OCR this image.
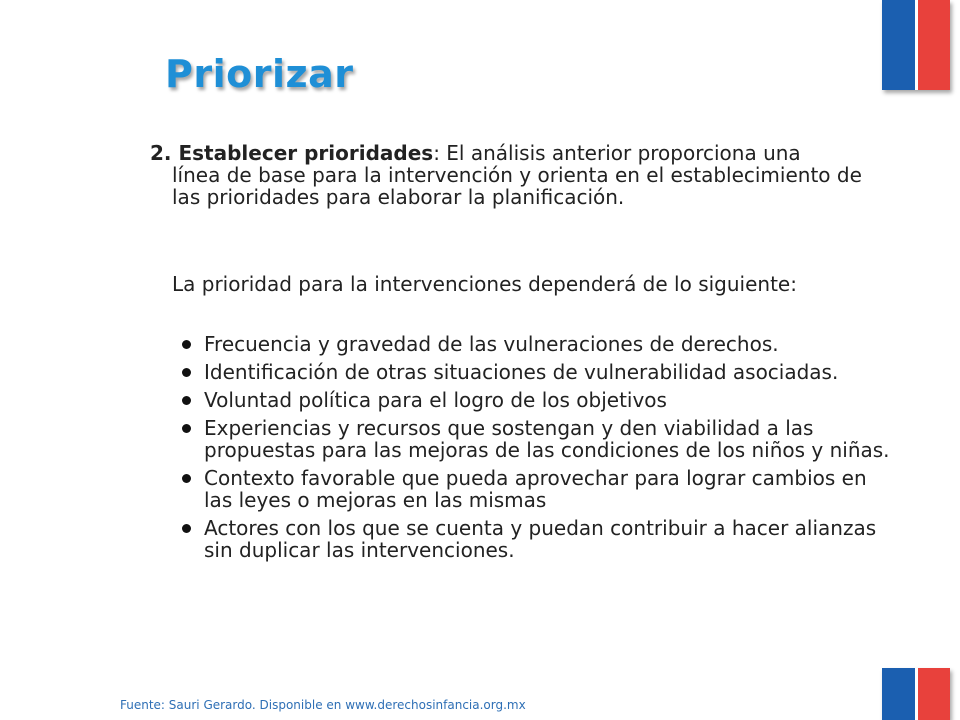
Priorizar

2. Establecer prioridades: El análisis anterior proporciona una
línea de base para la intervención y orienta en el establecimiento de las prioridades para elaborar la planificación.

La prioridad para la intervenciones dependerá de lo siguiente:

Frecuencia y gravedad de las vulneraciones de derechos.
Identificación de otras situaciones de vulnerabilidad asociadas.
Voluntad política para el logro de los objetivos
Experiencias y recursos que sostengan y den viabilidad a las propuestas para las mejoras de las condiciones de los niños y niñas.
Contexto favorable que pueda aprovechar para lograr cambios en las leyes o mejoras en las mismas
Actores con los que se cuenta y puedan contribuir a hacer alianzas sin duplicar las intervenciones.

Fuente: Sauri Gerardo. Disponible en www.derechosinfancia.org.mx
